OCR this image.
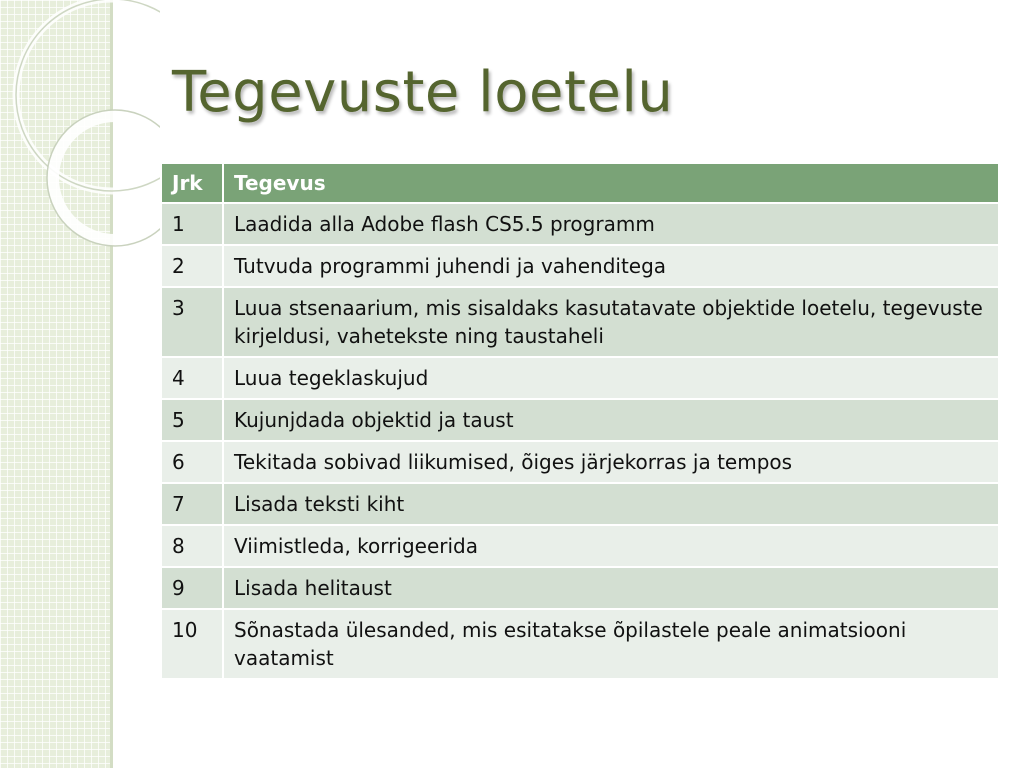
Tegevuste loetelu
Jrk	Tegevus
1	Laadida alla Adobe flash CS5.5 programm
2	Tutvuda programmi juhendi ja vahenditega
3	Luua stsenaarium, mis sisaldaks kasutatavate objektide loetelu, tegevuste kirjeldusi, vahetekste ning taustaheli
4	Luua tegeklaskujud
5	Kujunjdada objektid ja taust
6	Tekitada sobivad liikumised, õiges järjekorras ja tempos
7	Lisada teksti kiht
8	Viimistleda, korrigeerida
9	Lisada helitaust
10	Sõnastada ülesanded, mis esitatakse õpilastele peale animatsiooni vaatamist
